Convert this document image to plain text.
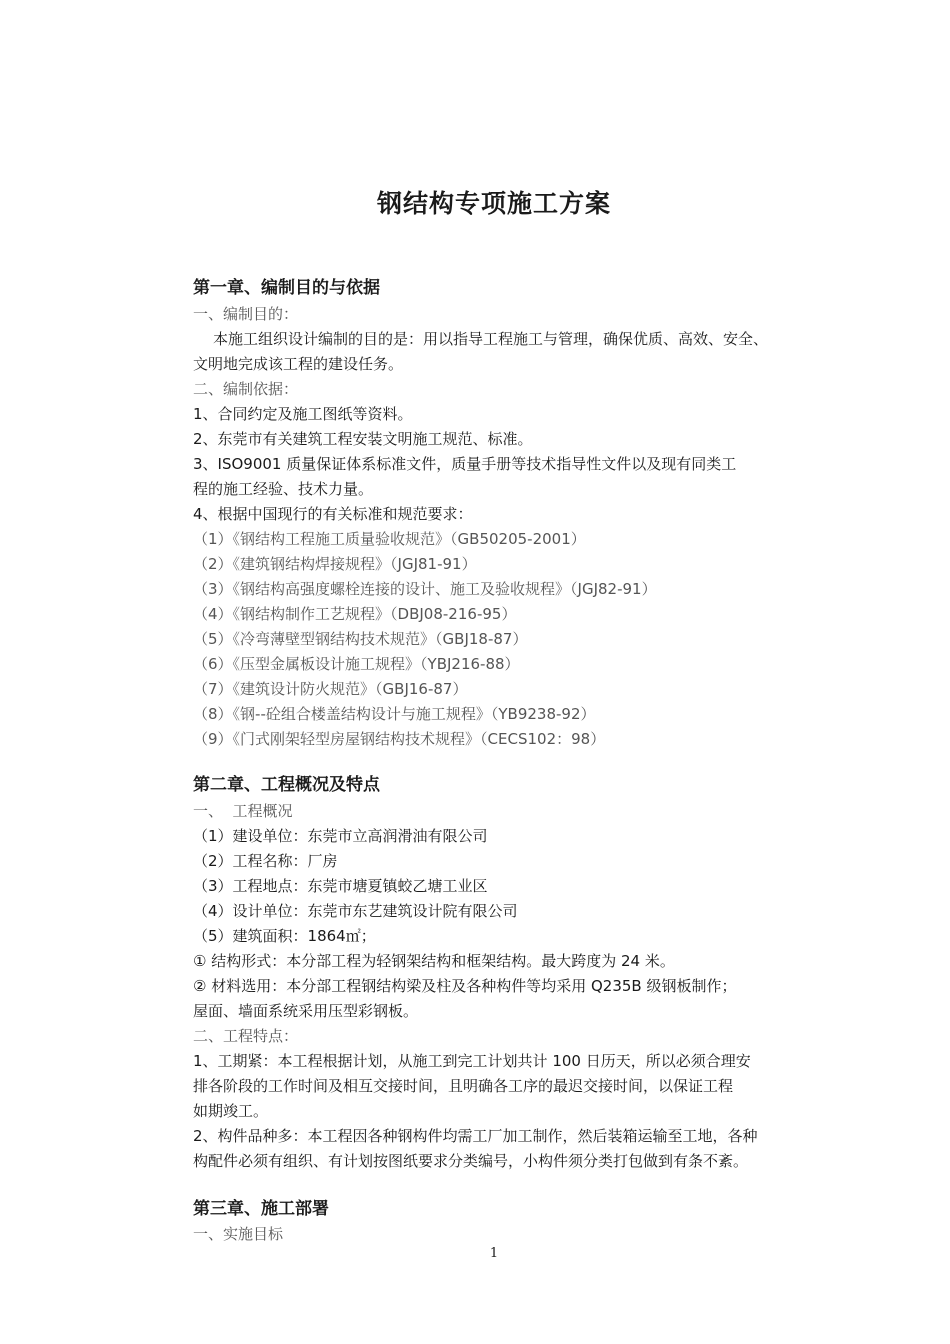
钢结构专项施工方案
第一章、编制目的与依据
一、编制目的：
本施工组织设计编制的目的是：用以指导工程施工与管理，确保优质、高效、安全、
文明地完成该工程的建设任务。
二、编制依据：
1、合同约定及施工图纸等资料。
2、东莞市有关建筑工程安装文明施工规范、标准。
3、ISO9001 质量保证体系标准文件，质量手册等技术指导性文件以及现有同类工
程的施工经验、技术力量。
4、根据中国现行的有关标准和规范要求：
（1）《钢结构工程施工质量验收规范》（GB50205-2001）
（2）《建筑钢结构焊接规程》（JGJ81-91）
（3）《钢结构高强度螺栓连接的设计、施工及验收规程》（JGJ82-91）
（4）《钢结构制作工艺规程》（DBJ08-216-95）
（5）《冷弯薄壁型钢结构技术规范》（GBJ18-87）
（6）《压型金属板设计施工规程》（YBJ216-88）
（7）《建筑设计防火规范》（GBJ16-87）
（8）《钢--砼组合楼盖结构设计与施工规程》（YB9238-92）
（9）《门式刚架轻型房屋钢结构技术规程》（CECS102：98）
第二章、工程概况及特点
一、  工程概况
（1）建设单位：东莞市立高润滑油有限公司
（2）工程名称：厂房
（3）工程地点：东莞市塘夏镇蛟乙塘工业区
（4）设计单位：东莞市东艺建筑设计院有限公司
（5）建筑面积：1864㎡；
① 结构形式：本分部工程为轻钢架结构和框架结构。最大跨度为 24 米。
② 材料选用：本分部工程钢结构梁及柱及各种构件等均采用 Q235B 级钢板制作；
屋面、墙面系统采用压型彩钢板。
二、工程特点：
1、工期紧：本工程根据计划，从施工到完工计划共计 100 日历天，所以必须合理安
排各阶段的工作时间及相互交接时间，且明确各工序的最迟交接时间，以保证工程
如期竣工。
2、构件品种多：本工程因各种钢构件均需工厂加工制作，然后装箱运输至工地，各种
构配件必须有组织、有计划按图纸要求分类编号，小构件须分类打包做到有条不紊。
第三章、施工部署
一、实施目标
1
